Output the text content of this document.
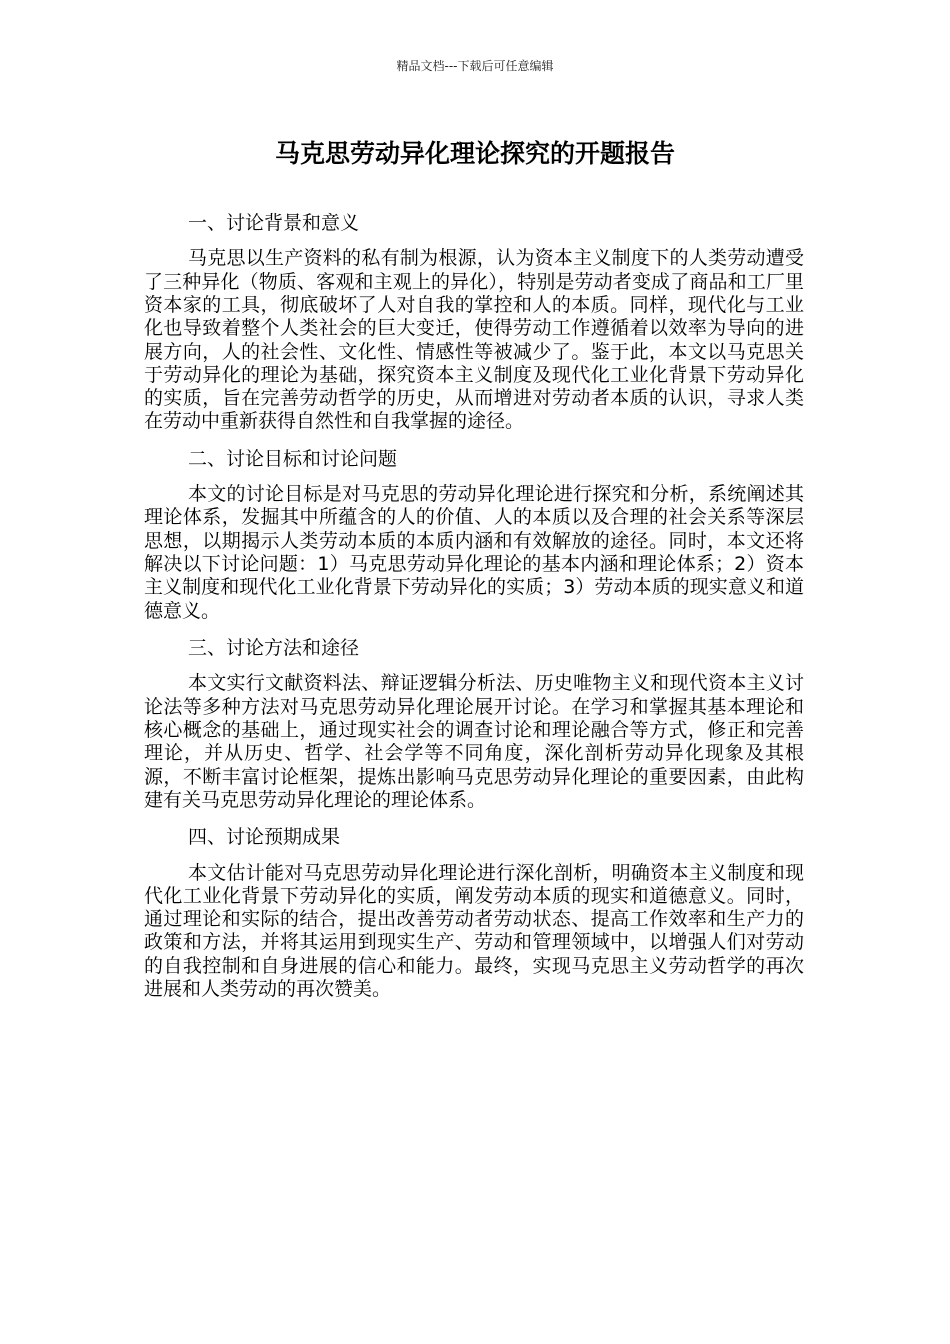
精品文档---下载后可任意编辑
马克思劳动异化理论探究的开题报告
一、讨论背景和意义

马克思以生产资料的私有制为根源，认为资本主义制度下的人类劳动遭受了三种异化（物质、客观和主观上的异化），特别是劳动者变成了商品和工厂里资本家的工具，彻底破坏了人对自我的掌控和人的本质。同样，现代化与工业化也导致着整个人类社会的巨大变迁，使得劳动工作遵循着以效率为导向的进展方向，人的社会性、文化性、情感性等被减少了。鉴于此，本文以马克思关于劳动异化的理论为基础，探究资本主义制度及现代化工业化背景下劳动异化的实质，旨在完善劳动哲学的历史，从而增进对劳动者本质的认识，寻求人类在劳动中重新获得自然性和自我掌握的途径。

二、讨论目标和讨论问题

本文的讨论目标是对马克思的劳动异化理论进行探究和分析，系统阐述其理论体系，发掘其中所蕴含的人的价值、人的本质以及合理的社会关系等深层思想，以期揭示人类劳动本质的本质内涵和有效解放的途径。同时，本文还将解决以下讨论问题：1）马克思劳动异化理论的基本内涵和理论体系；2）资本主义制度和现代化工业化背景下劳动异化的实质；3）劳动本质的现实意义和道德意义。

三、讨论方法和途径

本文实行文献资料法、辩证逻辑分析法、历史唯物主义和现代资本主义讨论法等多种方法对马克思劳动异化理论展开讨论。在学习和掌握其基本理论和核心概念的基础上，通过现实社会的调查讨论和理论融合等方式，修正和完善理论，并从历史、哲学、社会学等不同角度，深化剖析劳动异化现象及其根源，不断丰富讨论框架，提炼出影响马克思劳动异化理论的重要因素，由此构建有关马克思劳动异化理论的理论体系。

四、讨论预期成果

本文估计能对马克思劳动异化理论进行深化剖析，明确资本主义制度和现代化工业化背景下劳动异化的实质，阐发劳动本质的现实和道德意义。同时，通过理论和实际的结合，提出改善劳动者劳动状态、提高工作效率和生产力的政策和方法，并将其运用到现实生产、劳动和管理领域中，以增强人们对劳动的自我控制和自身进展的信心和能力。最终，实现马克思主义劳动哲学的再次进展和人类劳动的再次赞美。
